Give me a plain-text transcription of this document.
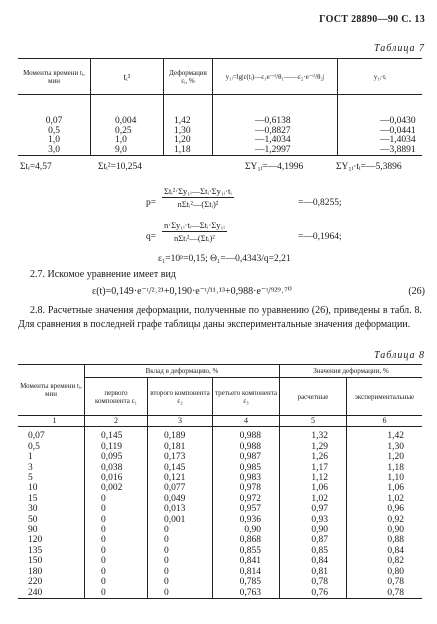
ГОСТ 28890—90 С. 13
Таблица 7
Моменты времени tᵢ, мин	tᵢ²	Деформация εᵢ, %	y₁ᵢ=lg|ε(tᵢ)—ε₁e⁻ᵗⁱ/θ₁——ε₂·e⁻ᵗⁱ/θ₂|	y₁ᵢ·tᵢ

0,07	0,004	1,42	—0,6138	—0,0430
0,5	0,25	1,30	—0,8827	—0,0441
1,0	1,0	1,20	—1,4034	—1,4034
3,0	9,0	1,18	—1,2997	—3,8891
Σtᵢ=4,57	Σtᵢ²=10,254	ΣY₁ᵢ=—4,1996	ΣY₁ᵢ·tᵢ=—5,3896
p=
Σtᵢ²·Σy₁ᵢ—Σtᵢ·Σy₁ᵢ·tᵢ
nΣtᵢ²—(Σtᵢ)²	=—0,8255;
q=
n·Σy₁ᵢ·tᵢ—Σtᵢ·Σy₁ᵢ
nΣtᵢ²—(Σtᵢ)²	=—0,1964;
ε₁=10ᵖ=0,15; Θ₁=—0,4343/q=2,21
2.7. Искомое уравнение имеет вид
ε(t)=0,149·e⁻ᵗ/²˒²¹+0,190·e⁻ᵗ/¹¹˒¹³+0,988·e⁻ᵗ/⁹²⁹˒⁷⁰	(26)
2.8. Расчетные значения деформации, полученные по уравнению (26), приведены в табл. 8. Для сравнения в последней графе таблицы даны экспериментальные значения деформации.
Таблица 8
Моменты времени tᵢ, мин	Вклад в деформацию, %			Значения деформации, %	
	первого компонента ε₁	второго компонента ε₂	третьего компонента ε₃	расчетные	экспериментальные
1	2	3	4	5	6

0,07	0,145	0,189	0,988	1,32	1,42
0,5	0,119	0,181	0,988	1,29	1,30
1	0,095	0,173	0,987	1,26	1,20
3	0,038	0,145	0,985	1,17	1,18
5	0,016	0,121	0,983	1,12	1,10
10	0,002	0,077	0,978	1,06	1,06
15	0	0,049	0,972	1,02	1,02
30	0	0,013	0,957	0,97	0,96
50	0	0,001	0,936	0,93	0,92
90	0	0	0,90	0,90	0,90
120	0	0	0,868	0,87	0,88
135	0	0	0,855	0,85	0,84
150	0	0	0,841	0,84	0,82
180	0	0	0,814	0,81	0,80
220	0	0	0,785	0,78	0,78
240	0	0	0,763	0,76	0,78
